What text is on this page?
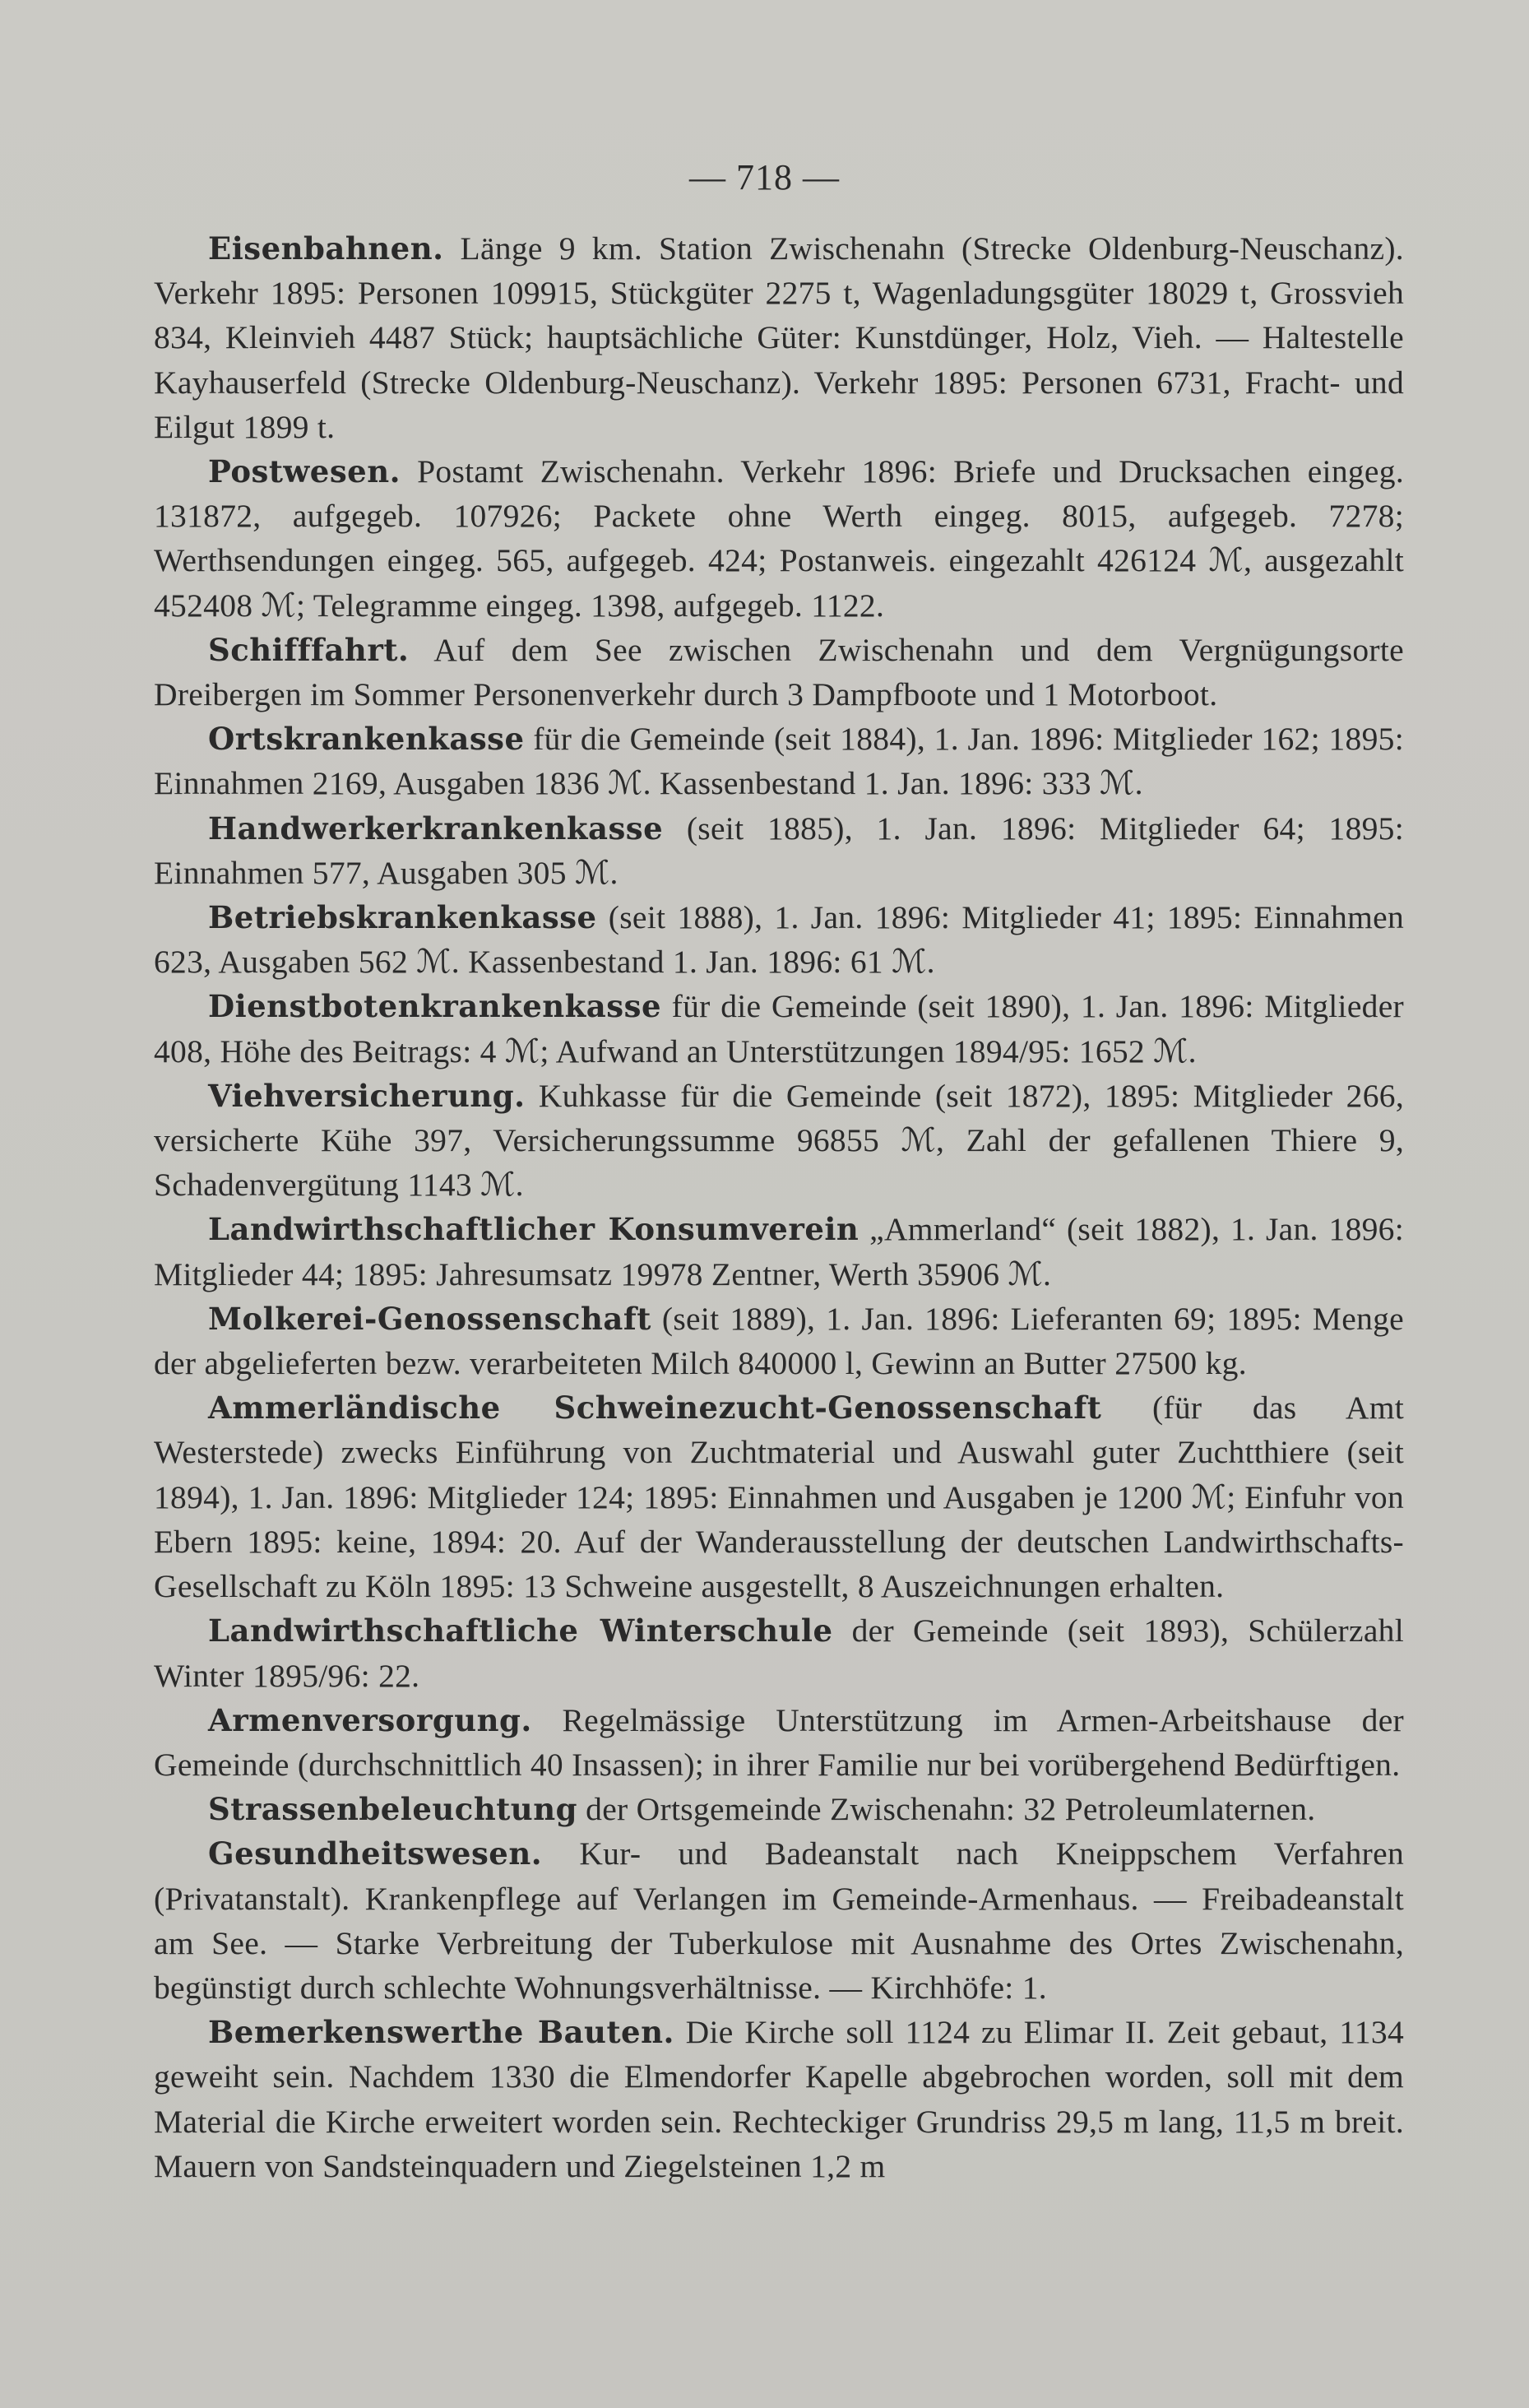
— 718 —

Eisenbahnen. Länge 9 km. Station Zwischenahn (Strecke Oldenburg-Neuschanz). Verkehr 1895: Personen 109915, Stückgüter 2275 t, Wagenladungsgüter 18029 t, Grossvieh 834, Kleinvieh 4487 Stück; hauptsächliche Güter: Kunstdünger, Holz, Vieh. — Haltestelle Kayhauserfeld (Strecke Oldenburg-Neuschanz). Verkehr 1895: Personen 6731, Fracht- und Eilgut 1899 t.

Postwesen. Postamt Zwischenahn. Verkehr 1896: Briefe und Drucksachen eingeg. 131872, aufgegeb. 107926; Packete ohne Werth eingeg. 8015, aufgegeb. 7278; Werthsendungen eingeg. 565, aufgegeb. 424; Postanweis. eingezahlt 426124 ℳ, ausgezahlt 452408 ℳ; Telegramme eingeg. 1398, aufgegeb. 1122.

Schifffahrt. Auf dem See zwischen Zwischenahn und dem Vergnügungsorte Dreibergen im Sommer Personenverkehr durch 3 Dampfboote und 1 Motorboot.

Ortskrankenkasse für die Gemeinde (seit 1884), 1. Jan. 1896: Mitglieder 162; 1895: Einnahmen 2169, Ausgaben 1836 ℳ. Kassenbestand 1. Jan. 1896: 333 ℳ.

Handwerkerkrankenkasse (seit 1885), 1. Jan. 1896: Mitglieder 64; 1895: Einnahmen 577, Ausgaben 305 ℳ.

Betriebskrankenkasse (seit 1888), 1. Jan. 1896: Mitglieder 41; 1895: Einnahmen 623, Ausgaben 562 ℳ. Kassenbestand 1. Jan. 1896: 61 ℳ.

Dienstbotenkrankenkasse für die Gemeinde (seit 1890), 1. Jan. 1896: Mitglieder 408, Höhe des Beitrags: 4 ℳ; Aufwand an Unterstützungen 1894/95: 1652 ℳ.

Viehversicherung. Kuhkasse für die Gemeinde (seit 1872), 1895: Mitglieder 266, versicherte Kühe 397, Versicherungssumme 96855 ℳ, Zahl der gefallenen Thiere 9, Schadenvergütung 1143 ℳ.

Landwirthschaftlicher Konsumverein „Ammerland“ (seit 1882), 1. Jan. 1896: Mitglieder 44; 1895: Jahresumsatz 19978 Zentner, Werth 35906 ℳ.

Molkerei-Genossenschaft (seit 1889), 1. Jan. 1896: Lieferanten 69; 1895: Menge der abgelieferten bezw. verarbeiteten Milch 840000 l, Gewinn an Butter 27500 kg.

Ammerländische Schweinezucht-Genossenschaft (für das Amt Westerstede) zwecks Einführung von Zuchtmaterial und Auswahl guter Zuchtthiere (seit 1894), 1. Jan. 1896: Mitglieder 124; 1895: Einnahmen und Ausgaben je 1200 ℳ; Einfuhr von Ebern 1895: keine, 1894: 20. Auf der Wanderausstellung der deutschen Landwirthschafts-Gesellschaft zu Köln 1895: 13 Schweine ausgestellt, 8 Auszeichnungen erhalten.

Landwirthschaftliche Winterschule der Gemeinde (seit 1893), Schülerzahl Winter 1895/96: 22.

Armenversorgung. Regelmässige Unterstützung im Armen-Arbeitshause der Gemeinde (durchschnittlich 40 Insassen); in ihrer Familie nur bei vorübergehend Bedürftigen.

Strassenbeleuchtung der Ortsgemeinde Zwischenahn: 32 Petroleumlaternen.

Gesundheitswesen. Kur- und Badeanstalt nach Kneippschem Verfahren (Privatanstalt). Krankenpflege auf Verlangen im Gemeinde-Armenhaus. — Freibadeanstalt am See. — Starke Verbreitung der Tuberkulose mit Ausnahme des Ortes Zwischenahn, begünstigt durch schlechte Wohnungsverhältnisse. — Kirchhöfe: 1.

Bemerkenswerthe Bauten. Die Kirche soll 1124 zu Elimar II. Zeit gebaut, 1134 geweiht sein. Nachdem 1330 die Elmendorfer Kapelle abgebrochen worden, soll mit dem Material die Kirche erweitert worden sein. Rechteckiger Grundriss 29,5 m lang, 11,5 m breit. Mauern von Sandsteinquadern und Ziegelsteinen 1,2 m
